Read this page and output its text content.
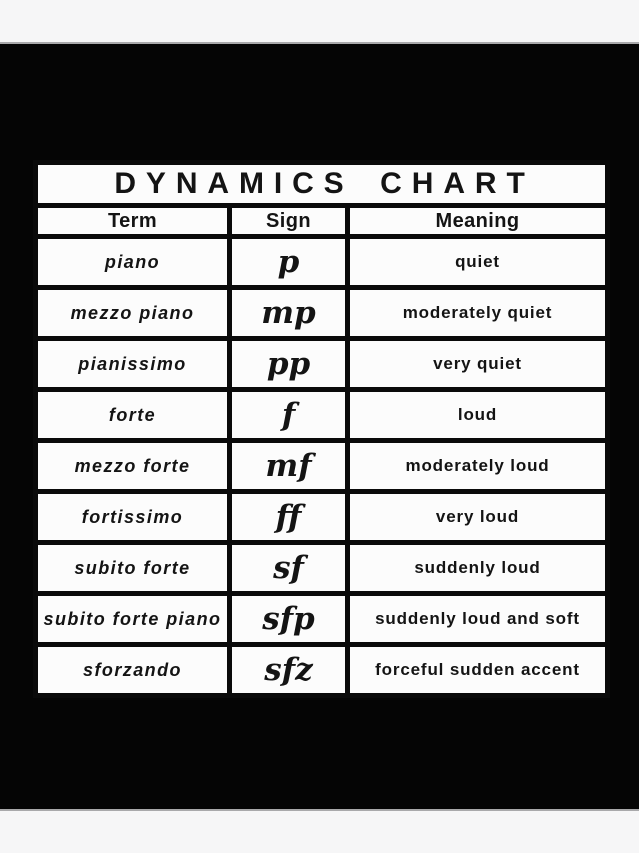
DYNAMICS CHART		
Term	Sign	Meaning
piano	p	quiet
mezzo piano	mp	moderately quiet
pianissimo	pp	very quiet
forte	f	loud
mezzo forte	mf	moderately loud
fortissimo	ff	very loud
subito forte	sf	suddenly loud
subito forte piano	sfp	suddenly loud and soft
sforzando	sfz	forceful sudden accent
